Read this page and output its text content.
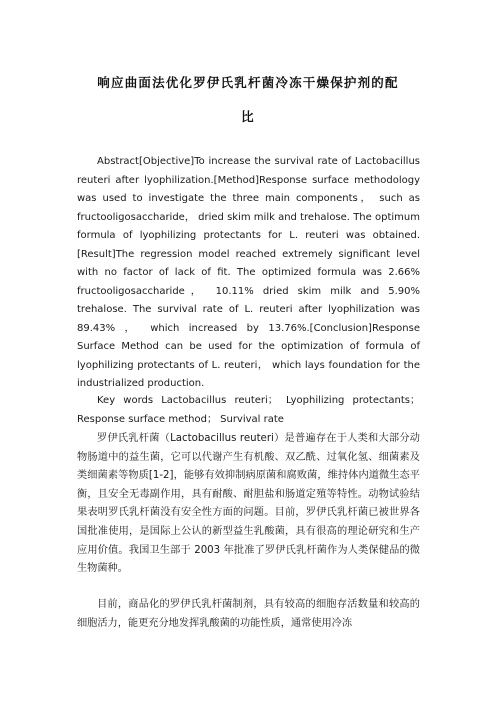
响应曲面法优化罗伊氏乳杆菌冷冻干燥保护剂的配
比

Abstract[Objective]To increase the survival rate of Lactobacillus reuteri after lyophilization.[Method]Response surface methodology was used to investigate the three main components， such as fructooligosaccharide， dried skim milk and trehalose. The optimum formula of lyophilizing protectants for L. reuteri was obtained.[Result]The regression model reached extremely significant level with no factor of lack of fit. The optimized formula was 2.66% fructooligosaccharide， 10.11% dried skim milk and 5.90% trehalose. The survival rate of L. reuteri after lyophilization was 89.43% ， which increased by 13.76%.[Conclusion]Response Surface Method can be used for the optimization of formula of lyophilizing protectants of L. reuteri， which lays foundation for the industrialized production.

Key words Lactobacillus reuteri； Lyophilizing protectants； Response surface method； Survival rate

罗伊氏乳杆菌（Lactobacillus reuteri）是普遍存在于人类和大部分动物肠道中的益生菌，它可以代谢产生有机酸、双乙酰、过氧化氢、细菌素及类细菌素等物质[1-2]，能够有效抑制病原菌和腐败菌，维持体内道微生态平衡，且安全无毒副作用，具有耐酸、耐胆盐和肠道定殖等特性。动物试验结果表明罗氏乳杆菌没有安全性方面的问题。目前，罗伊氏乳杆菌已被世界各国批准使用，是国际上公认的新型益生乳酸菌，具有很高的理论研究和生产应用价值。我国卫生部于 2003 年批准了罗伊氏乳杆菌作为人类保健品的微生物菌种。

目前，商品化的罗伊氏乳杆菌制剂，具有较高的细胞存活数量和较高的细胞活力，能更充分地发挥乳酸菌的功能性质，通常使用冷冻
